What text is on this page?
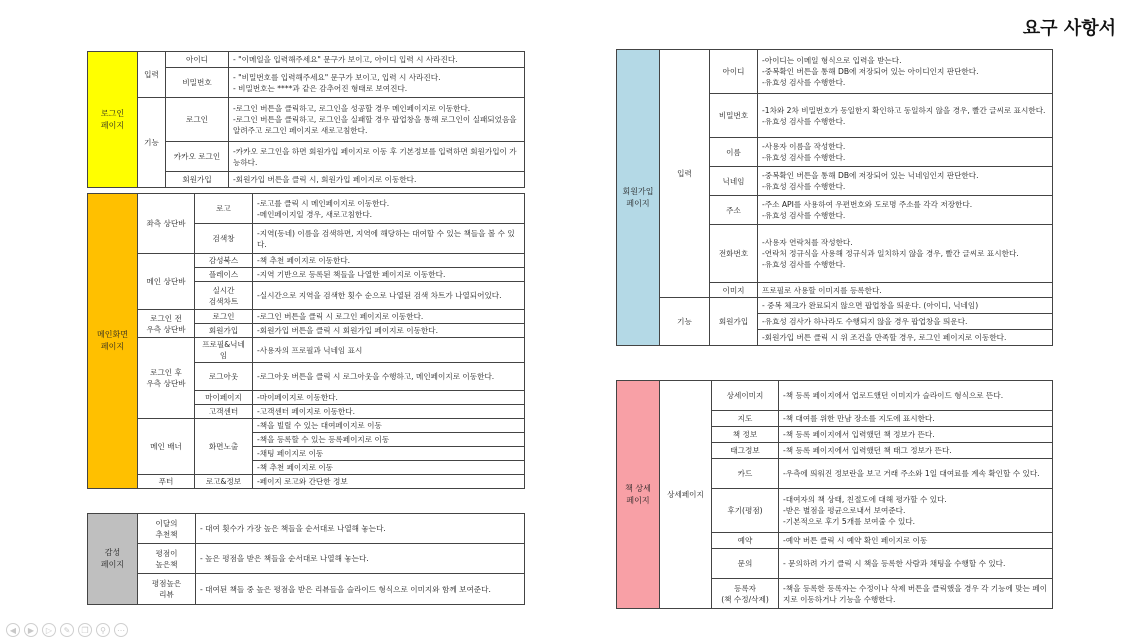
요구 사항서
로그인
페이지	입력	아이디	- "이메일을 입력해주세요" 문구가 보이고, 아이디 입력 시 사라진다.

		비밀번호	- "비밀번호를 입력해주세요" 문구가 보이고, 입력 시 사라진다.
- 비밀번호는 ****과 같은 감추어진 형태로 보여진다.

	기능	로그인	-로그인 버튼을 클릭하고, 로그인을 성공할 경우 메인페이지로 이동한다.
-로그인 버튼을 클릭하고, 로그인을 실패할 경우 팝업창을 통해 로그인이 실패되었음을 알려주고 로그인 페이지로 새로고침한다.

		카카오 로그인	-카카오 로그인을 하면 회원가입 페이지로 이동 후 기본정보를 입력하면 회원가입이 가능하다.

		회원가입	-회원가입 버튼을 클릭 시, 회원가입 페이지로 이동한다.
메인화면
페이지	좌측 상단바	로고	-로고를 클릭 시 메인페이지로 이동한다.
-메인페이지일 경우, 새로고침한다.

		검색창	-지역(동네) 이름을 검색하면, 지역에 해당하는 대여할 수 있는 책들을 볼 수 있다.

	메인 상단바	감성북스	-책 추천 페이지로 이동한다.

		플레이스	-지역 기반으로 등록된 책들을 나열한 페이지로 이동한다.

		실시간
검색차트	-실시간으로 지역을 검색한 횟수 순으로 나열된 검색 차트가 나열되어있다.

	로그인 전
우측 상단바	로그인	-로그인 버튼을 클릭 시 로그인 페이지로 이동한다.

		회원가입	-회원가입 버튼을 클릭 시 회원가입 페이지로 이동한다.

	로그인 후
우측 상단바	프로필&닉네임	-사용자의 프로필과 닉네임 표시

		로그아웃	-로그아웃 버튼을 클릭 시 로그아웃을 수행하고, 메인페이지로 이동한다.

		마이페이지	-마이페이지로 이동한다.

		고객센터	-고객센터 페이지로 이동한다.

	메인 배너	화면노출	-책을 빌릴 수 있는 대여페이지로 이동

			-책을 등록할 수 있는 등록페이지로 이동

			-채팅 페이지로 이동

			-책 추천 페이지로 이동

	푸터	로고&정보	-페이지 로고와 간단한 정보
감성
페이지	이달의
추천책	- 대여 횟수가 가장 높은 책들을 순서대로 나열해 놓는다.

	평점이
높은책	- 높은 평점을 받은 책들을 순서대로 나열해 놓는다.

	평점높은
리뷰	- 대여된 책들 중 높은 평점을 받은 리뷰들을 슬라이드 형식으로 이미지와 함께 보여준다.
회원가입
페이지	입력	아이디	-아이디는 이메일 형식으로 입력을 받는다.
-중복확인 버튼을 통해 DB에 저장되어 있는 아이디인지 판단한다.
-유효성 검사를 수행한다.

		비밀번호	-1차와 2차 비밀번호가 동일한지 확인하고 동일하지 않을 경우, 빨간 글씨로 표시한다.
-유효성 검사를 수행한다.

		이름	-사용자 이름을 작성한다.
-유효성 검사를 수행한다.

		닉네임	-중복확인 버튼을 통해 DB에 저장되어 있는 닉네임인지 판단한다.
-유효성 검사를 수행한다.

		주소	-주소 API를 사용하여 우편번호와 도로명 주소를 각각 저장한다.
-유효성 검사를 수행한다.

		전화번호	-사용자 연락처를 작성한다.
-연락처 정규식을 사용해 정규식과 일치하지 않을 경우, 빨간 글씨로 표시한다.
-유효성 검사를 수행한다.

		이미지	프로필로 사용할 이미지를 등록한다.

	기능	회원가입	- 중복 체크가 완료되지 않으면 팝업창을 띄운다. (아이디, 닉네임)

			-유효성 검사가 하나라도 수행되지 않을 경우 팝업창을 띄운다.

			-회원가입 버튼 클릭 시 위 조건을 만족할 경우, 로그인 페이지로 이동한다.
책 상세
페이지	상세페이지	상세이미지	-책 등록 페이지에서 업로드했던 이미지가 슬라이드 형식으로 뜬다.

		지도	-책 대여를 위한 만남 장소를 지도에 표시한다.

		책 정보	-책 등록 페이지에서 입력했던 책 정보가 뜬다.

		태그정보	-책 등록 페이지에서 입력했던 책 태그 정보가 뜬다.

		카드	-우측에 띄워진 정보란을 보고 거래 주소와 1일 대여료를 계속 확인할 수 있다.

		후기(평점)	-대여자의 책 상태, 친절도에 대해 평가할 수 있다.
-받은 별점을 평균으로내서 보여준다.
-기본적으로 후기 5개를 보여줄 수 있다.

		예약	-예약 버튼 클릭 시 예약 확인 페이지로 이동

		문의	- 문의하려 가기 클릭 시 책을 등록한 사람과 채팅을 수행할 수 있다.

		등록자
(책 수정/삭제)	-책을 등록한 등록자는 수정이나 삭제 버튼을 클릭했을 경우 각 기능에 맞는 페이지로 이동하거나 기능을 수행한다.
◀	▶	▷	✎	❐	⚲	⋯
